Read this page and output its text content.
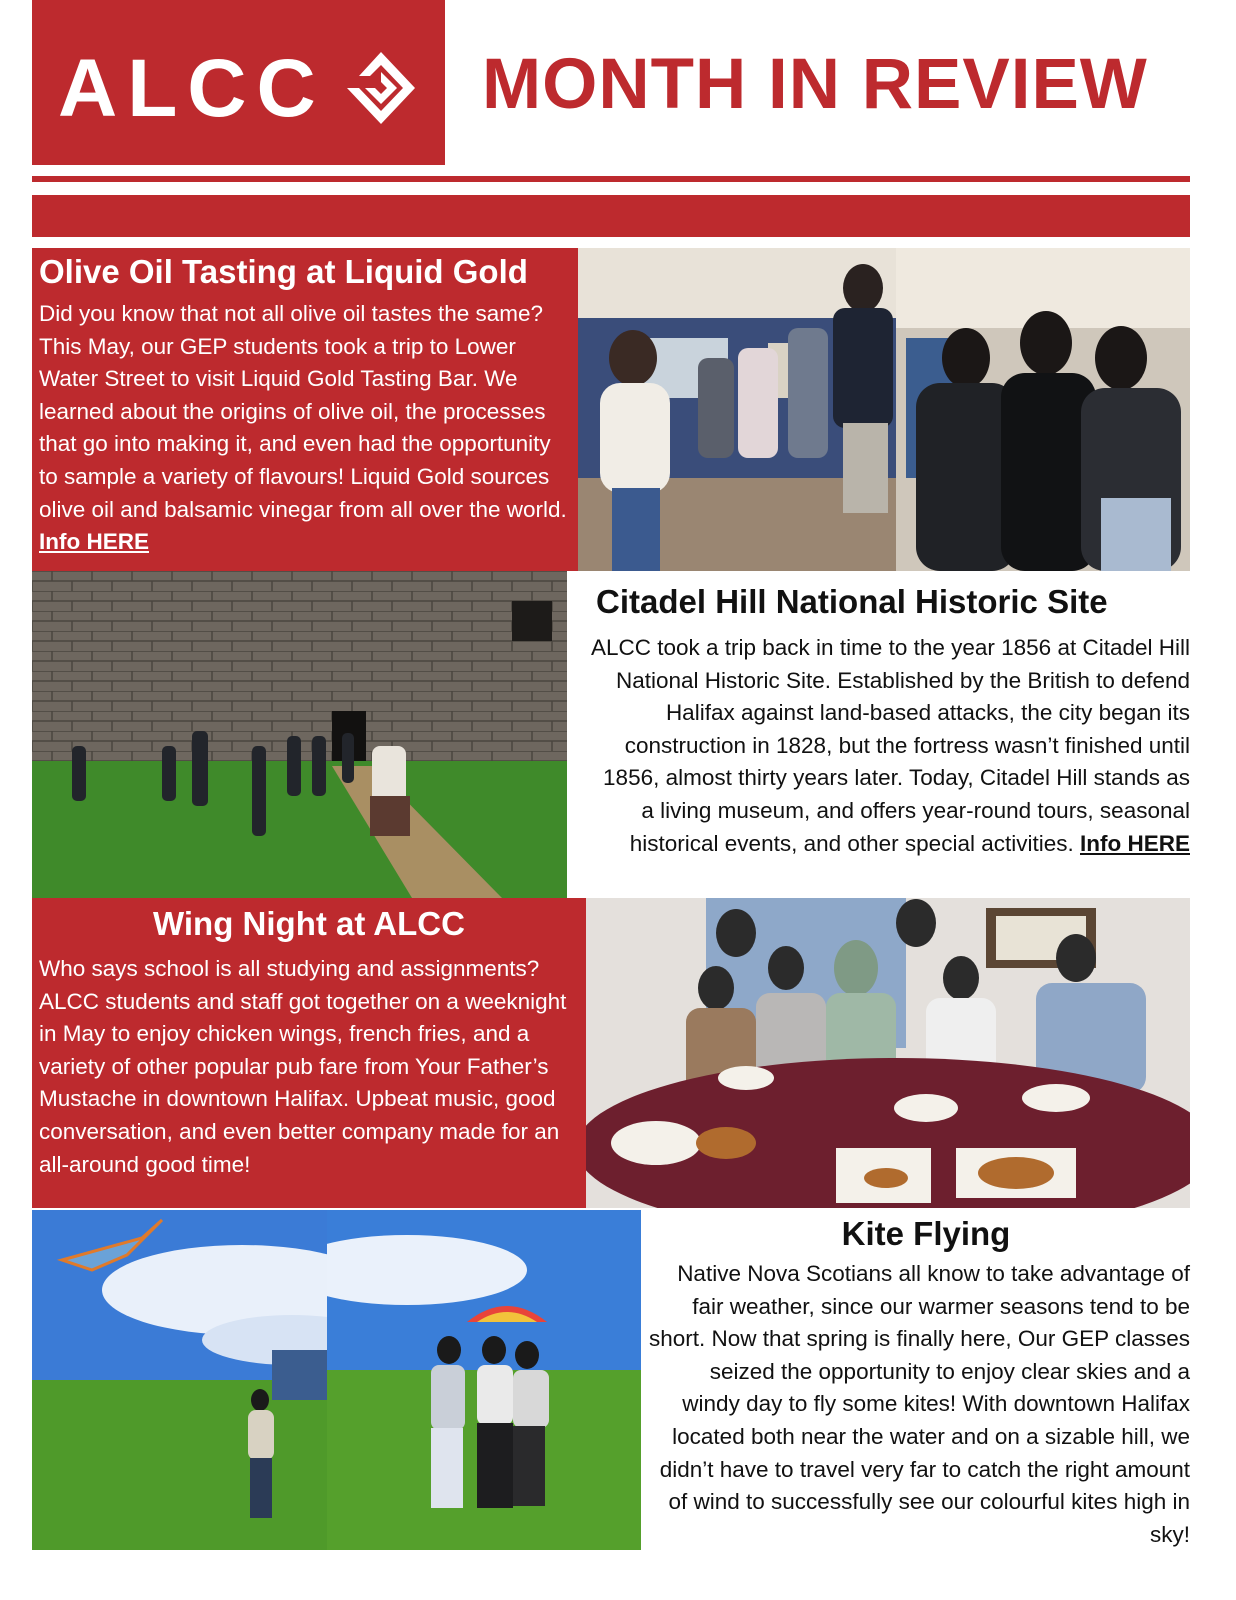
ALCC MONTH IN REVIEW
Olive Oil Tasting at Liquid Gold
Did you know that not all olive oil tastes the same? This May, our GEP students took a trip to Lower Water Street to visit Liquid Gold Tasting Bar. We learned about the origins of olive oil, the processes that go into making it, and even had the opportunity to sample a variety of flavours! Liquid Gold sources olive oil and balsamic vinegar from all over the world.  Info HERE
Citadel Hill National Historic Site
ALCC took a trip back in time to the year 1856 at Citadel Hill National Historic Site. Established by the British to defend Halifax against land-based attacks, the city began its construction in 1828, but the fortress wasn’t finished until 1856, almost thirty years later. Today, Citadel Hill stands as a living museum, and offers year-round tours, seasonal historical events, and other special activities. Info HERE
Wing Night at ALCC
Who says school is all studying and assignments? ALCC students and staff got together on a weeknight in May to enjoy chicken wings, french fries, and a variety of other popular pub fare from Your Father’s Mustache in downtown Halifax. Upbeat music, good conversation, and even better company made for an all-around good time!
Kite Flying
Native Nova Scotians all know to take advantage of fair weather, since our warmer seasons tend to be short. Now that spring is finally here, Our GEP classes seized the opportunity to enjoy clear skies and a windy day to fly some kites! With downtown Halifax located both near the water and on a sizable hill, we didn’t have to travel very far to catch the right amount of wind to successfully see our colourful kites high in sky!
